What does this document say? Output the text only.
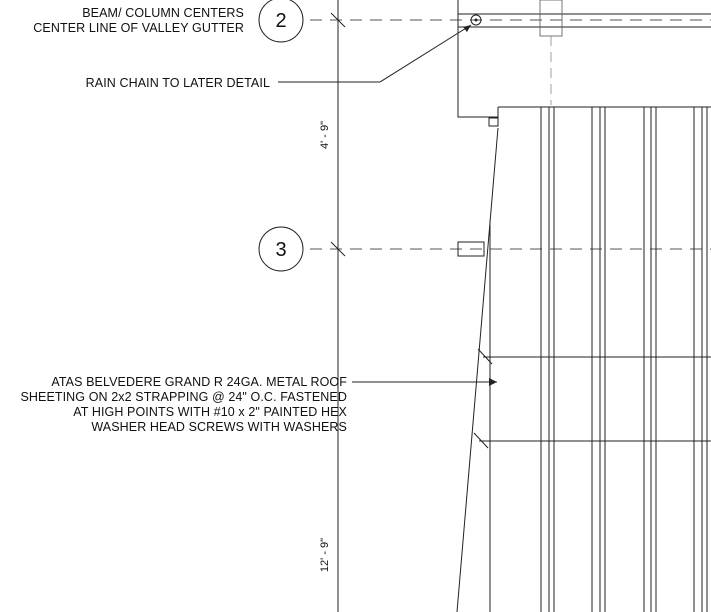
2
3
BEAM/ COLUMN CENTERS
CENTER LINE OF VALLEY GUTTER
RAIN CHAIN TO LATER DETAIL
ATAS BELVEDERE GRAND R 24GA. METAL ROOF
SHEETING ON 2x2 STRAPPING @ 24" O.C. FASTENED
AT HIGH POINTS WITH #10 x 2" PAINTED HEX
WASHER HEAD SCREWS WITH WASHERS
4' - 9"
12' - 9"
